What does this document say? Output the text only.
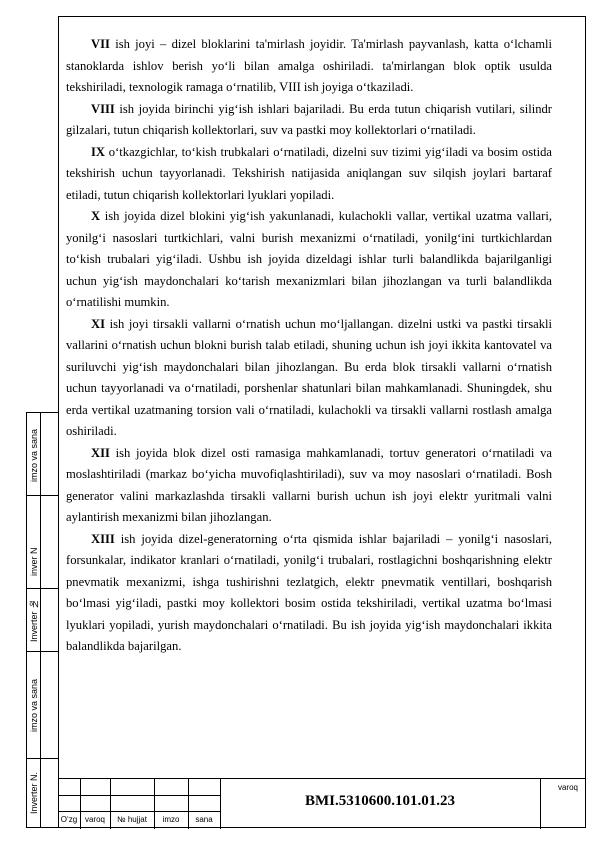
imzo va sana
inver N
Inverter №
imzo va sana
Inverter N.

VII ish joyi – dizel bloklarini ta'mirlash joyidir. Ta'mirlash payvanlash, katta o‘lchamli stanoklarda ishlov berish yo‘li bilan amalga oshiriladi. ta'mirlangan blok optik usulda tekshiriladi, texnologik ramaga o‘rnatilib, VIII ish joyiga o‘tkaziladi.

VIII ish joyida birinchi yig‘ish ishlari bajariladi. Bu erda tutun chiqarish vutilari, silindr gilzalari, tutun chiqarish kollektorlari, suv va pastki moy kollektorlari o‘rnatiladi.

IX o‘tkazgichlar, to‘kish trubkalari o‘rnatiladi, dizelni suv tizimi yig‘iladi va bosim ostida tekshirish uchun tayyorlanadi. Tekshirish natijasida aniqlangan suv silqish joylari bartaraf etiladi, tutun chiqarish kollektorlari lyuklari yopiladi.

X ish joyida dizel blokini yig‘ish yakunlanadi, kulachokli vallar, vertikal uzatma vallari, yonilg‘i nasoslari turtkichlari, valni burish mexanizmi o‘rnatiladi, yonilg‘ini turtkichlardan to‘kish trubalari yig‘iladi. Ushbu ish joyida dizeldagi ishlar turli balandlikda bajarilganligi uchun yig‘ish maydonchalari ko‘tarish mexanizmlari bilan jihozlangan va turli balandlikda o‘rnatilishi mumkin.

XI ish joyi tirsakli vallarni o‘rnatish uchun mo‘ljallangan. dizelni ustki va pastki tirsakli vallarini o‘rnatish uchun blokni burish talab etiladi, shuning uchun ish joyi ikkita kantovatel va suriluvchi yig‘ish maydonchalari bilan jihozlangan. Bu erda blok tirsakli vallarni o‘rnatish uchun tayyorlanadi va o‘rnatiladi, porshenlar shatunlari bilan mahkamlanadi. Shuningdek, shu erda vertikal uzatmaning torsion vali o‘rnatiladi, kulachokli va tirsakli vallarni rostlash amalga oshiriladi.

XII ish joyida blok dizel osti ramasiga mahkamlanadi, tortuv generatori o‘rnatiladi va moslashtiriladi (markaz bo‘yicha muvofiqlashtiriladi), suv va moy nasoslari o‘rnatiladi. Bosh generator valini markazlashda tirsakli vallarni burish uchun ish joyi elektr yuritmali valni aylantirish mexanizmi bilan jihozlangan.

XIII ish joyida dizel-generatorning o‘rta qismida ishlar bajariladi – yonilg‘i nasoslari, forsunkalar, indikator kranlari o‘rnatiladi, yonilg‘i trubalari, rostlagichni boshqarishning elektr pnevmatik mexanizmi, ishga tushirishni tezlatgich, elektr pnevmatik ventillari, boshqarish bo‘lmasi yig‘iladi, pastki moy kollektori bosim ostida tekshiriladi, vertikal uzatma bo‘lmasi lyuklari yopiladi, yurish maydonchalari o‘rnatiladi. Bu ish joyida yig‘ish maydonchalari ikkita balandlikda bajarilgan.

O‘zg varoq	№ hujjat	imzo	sana
BMI.5310600.101.01.23
varoq
